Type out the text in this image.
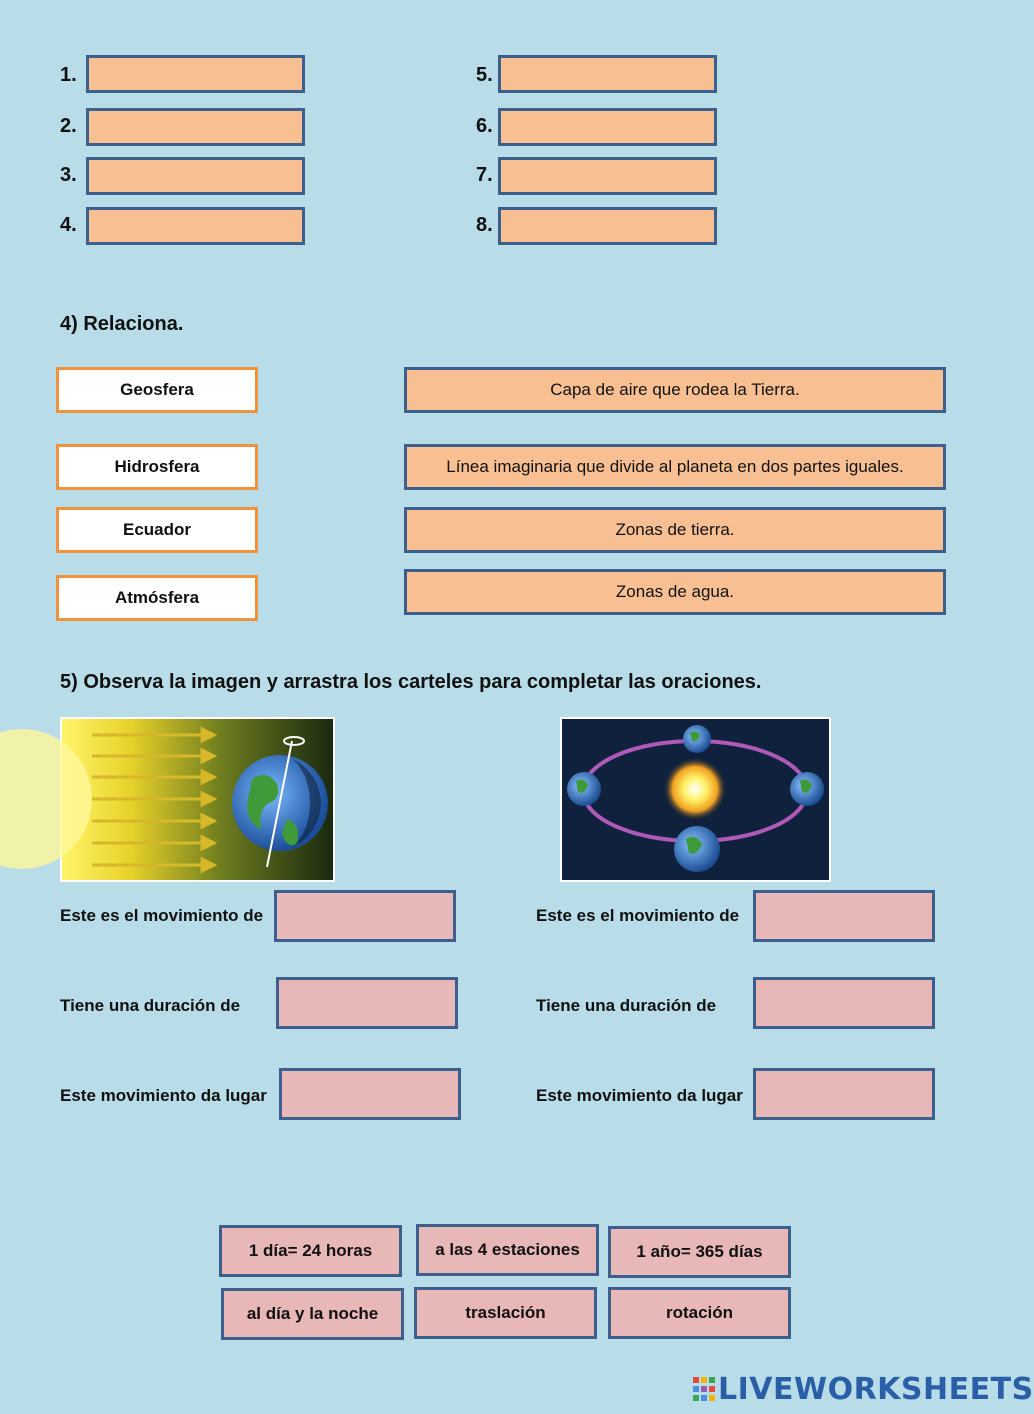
1.
2.
3.
4.
5.
6.
7.
8.
4) Relaciona.
Geosfera
Hidrosfera
Ecuador
Atmósfera
Capa de aire que rodea la Tierra.
Línea imaginaria que divide al planeta en dos partes iguales.
Zonas de tierra.
Zonas de agua.
5) Observa la imagen y arrastra los carteles para completar las oraciones.
Este es el movimiento de
Tiene una duración de
Este movimiento da lugar
Este es el movimiento de
Tiene una duración de
Este movimiento da lugar
1 día= 24 horas	a las 4 estaciones	1 año= 365 días
al día y la noche	traslación	rotación
LIVEWORKSHEETS
